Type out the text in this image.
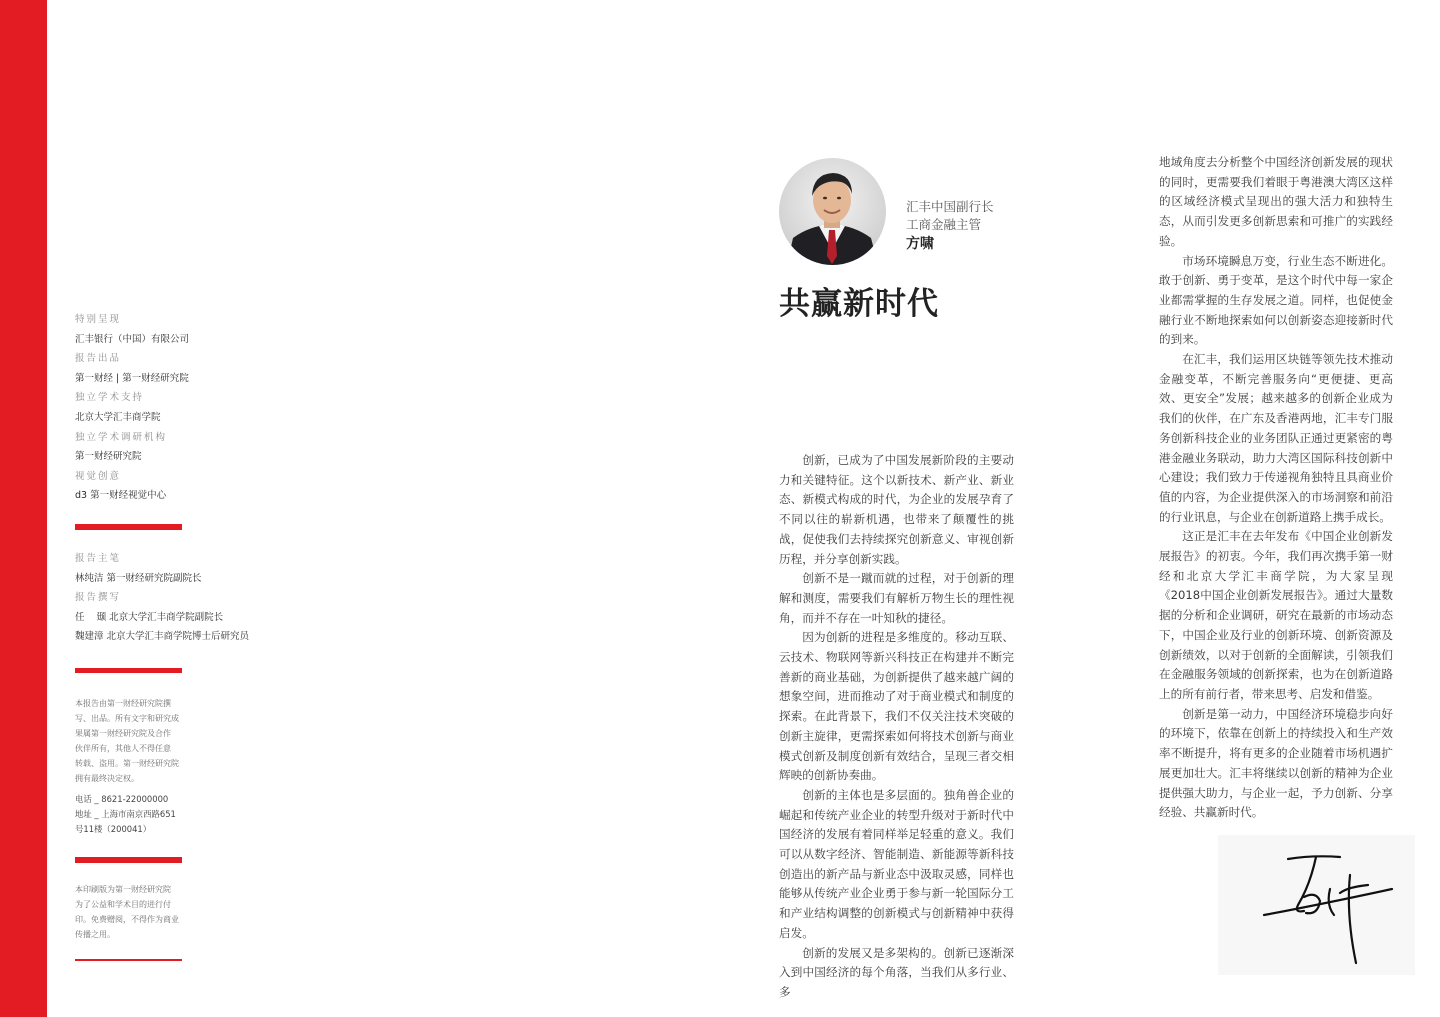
特别呈现
汇丰银行（中国）有限公司
报告出品
第一财经 | 第一财经研究院
独立学术支持
北京大学汇丰商学院
独立学术调研机构
第一财经研究院
视觉创意
d3 第一财经视觉中心
报告主笔
林纯洁 第一财经研究院副院长
报告撰写
任    颋 北京大学汇丰商学院副院长
魏建漳 北京大学汇丰商学院博士后研究员
本报告由第一财经研究院撰
写、出品。所有文字和研究成
果属第一财经研究院及合作
伙伴所有，其他人不得任意
转载、盗用。第一财经研究院
拥有最终决定权。
电话 _ 8621-22000000
地址 _ 上海市南京西路651
号11楼（200041）
本印刷版为第一财经研究院
为了公益和学术目的进行付
印。免费赠阅，不得作为商业
传播之用。
汇丰中国副行长
工商金融主管
方啸
共赢新时代

创新，已成为了中国发展新阶段的主要动力和关键特征。这个以新技术、新产业、新业态、新模式构成的时代，为企业的发展孕育了不同以往的崭新机遇，也带来了颠覆性的挑战，促使我们去持续探究创新意义、审视创新历程，并分享创新实践。

创新不是一蹴而就的过程，对于创新的理解和测度，需要我们有解析万物生长的理性视角，而并不存在一叶知秋的捷径。

因为创新的进程是多维度的。移动互联、云技术、物联网等新兴科技正在构建并不断完善新的商业基础，为创新提供了越来越广阔的想象空间，进而推动了对于商业模式和制度的探索。在此背景下，我们不仅关注技术突破的创新主旋律，更需探索如何将技术创新与商业模式创新及制度创新有效结合，呈现三者交相辉映的创新协奏曲。

创新的主体也是多层面的。独角兽企业的崛起和传统产业企业的转型升级对于新时代中国经济的发展有着同样举足轻重的意义。我们可以从数字经济、智能制造、新能源等新科技创造出的新产品与新业态中汲取灵感，同样也能够从传统产业企业勇于参与新一轮国际分工和产业结构调整的创新模式与创新精神中获得启发。

创新的发展又是多架构的。创新已逐渐深入到中国经济的每个角落，当我们从多行业、多

地域角度去分析整个中国经济创新发展的现状的同时，更需要我们着眼于粤港澳大湾区这样的区域经济模式呈现出的强大活力和独特生态，从而引发更多创新思索和可推广的实践经验。

市场环境瞬息万变，行业生态不断进化。敢于创新、勇于变革，是这个时代中每一家企业都需掌握的生存发展之道。同样，也促使金融行业不断地探索如何以创新姿态迎接新时代的到来。

在汇丰，我们运用区块链等领先技术推动金融变革，不断完善服务向“更便捷、更高效、更安全”发展；越来越多的创新企业成为我们的伙伴，在广东及香港两地，汇丰专门服务创新科技企业的业务团队正通过更紧密的粤港金融业务联动，助力大湾区国际科技创新中心建设；我们致力于传递视角独特且具商业价值的内容，为企业提供深入的市场洞察和前沿的行业讯息，与企业在创新道路上携手成长。

这正是汇丰在去年发布《中国企业创新发展报告》的初衷。今年，我们再次携手第一财经和北京大学汇丰商学院，为大家呈现《2018中国企业创新发展报告》。通过大量数据的分析和企业调研，研究在最新的市场动态下，中国企业及行业的创新环境、创新资源及创新绩效，以对于创新的全面解读，引领我们在金融服务领域的创新探索，也为在创新道路上的所有前行者，带来思考、启发和借鉴。

创新是第一动力，中国经济环境稳步向好的环境下，依靠在创新上的持续投入和生产效率不断提升，将有更多的企业随着市场机遇扩展更加壮大。汇丰将继续以创新的精神为企业提供强大助力，与企业一起，予力创新、分享经验、共赢新时代。
